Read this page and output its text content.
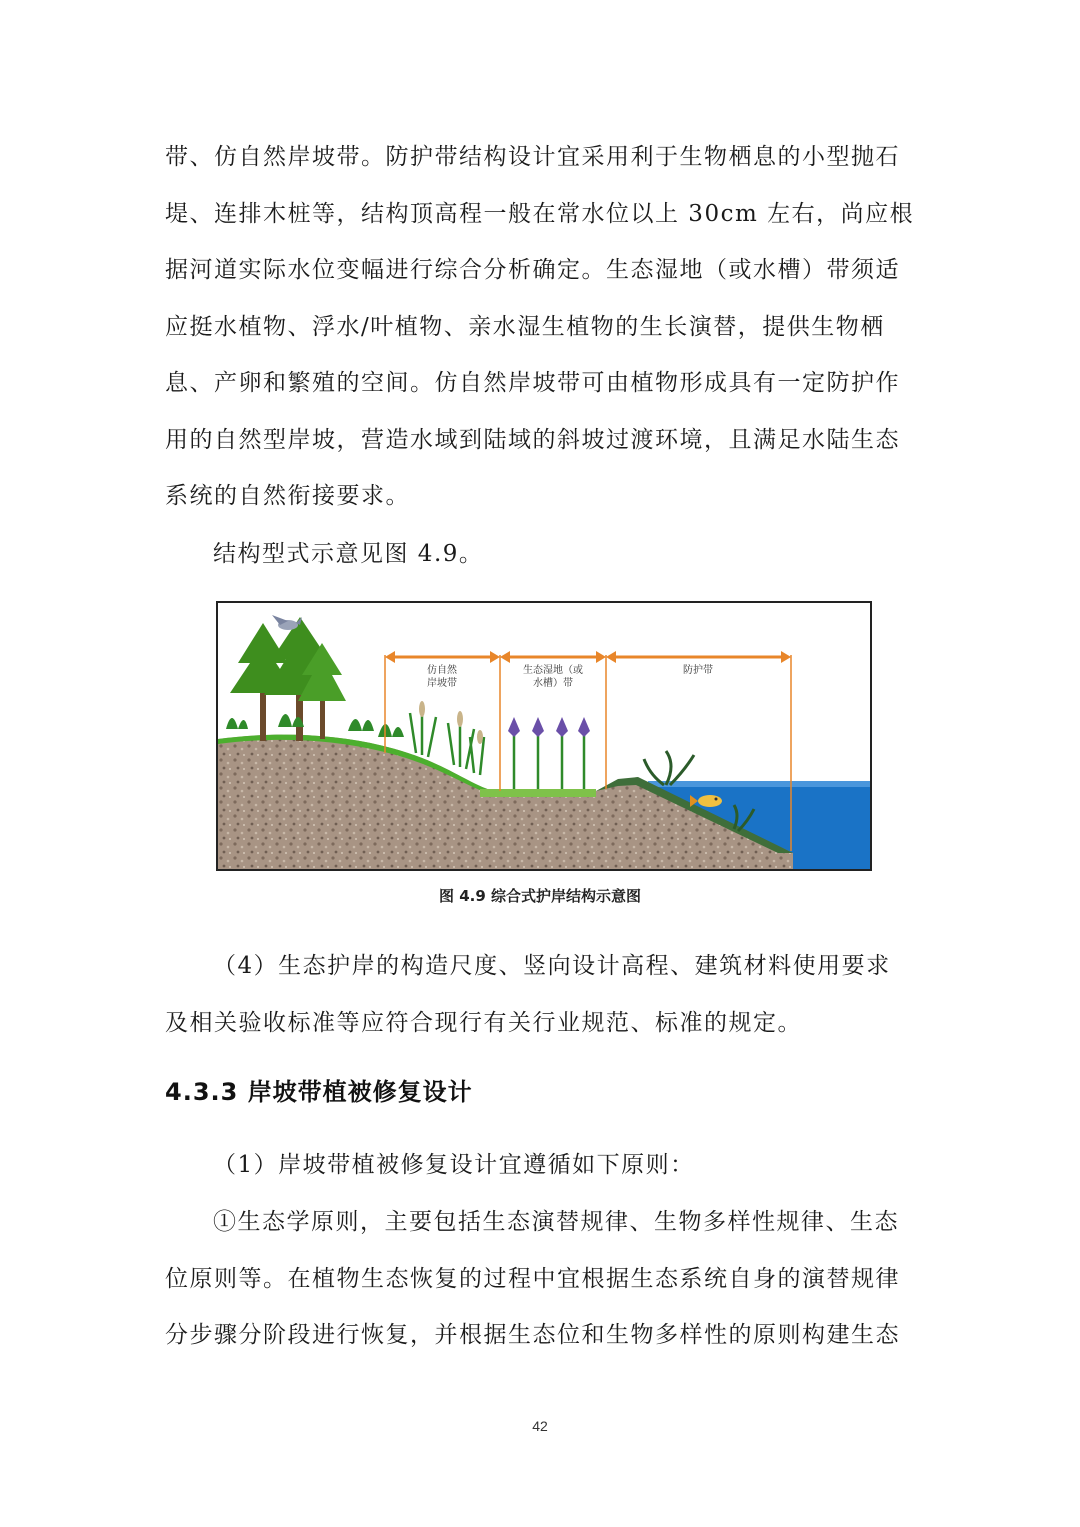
带、仿自然岸坡带。防护带结构设计宜采用利于生物栖息的小型抛石
堤、连排木桩等，结构顶高程一般在常水位以上 30cm 左右，尚应根
据河道实际水位变幅进行综合分析确定。生态湿地（或水槽）带须适
应挺水植物、浮水/叶植物、亲水湿生植物的生长演替，提供生物栖
息、产卵和繁殖的空间。仿自然岸坡带可由植物形成具有一定防护作
用的自然型岸坡，营造水域到陆域的斜坡过渡环境，且满足水陆生态
系统的自然衔接要求。
结构型式示意见图 4.9。
仿自然
岸坡带
生态湿地（或
水槽）带
防护带
图 4.9 综合式护岸结构示意图
（4）生态护岸的构造尺度、竖向设计高程、建筑材料使用要求
及相关验收标准等应符合现行有关行业规范、标准的规定。
4.3.3 岸坡带植被修复设计
（1）岸坡带植被修复设计宜遵循如下原则：
①生态学原则，主要包括生态演替规律、生物多样性规律、生态
位原则等。在植物生态恢复的过程中宜根据生态系统自身的演替规律
分步骤分阶段进行恢复，并根据生态位和生物多样性的原则构建生态
42
